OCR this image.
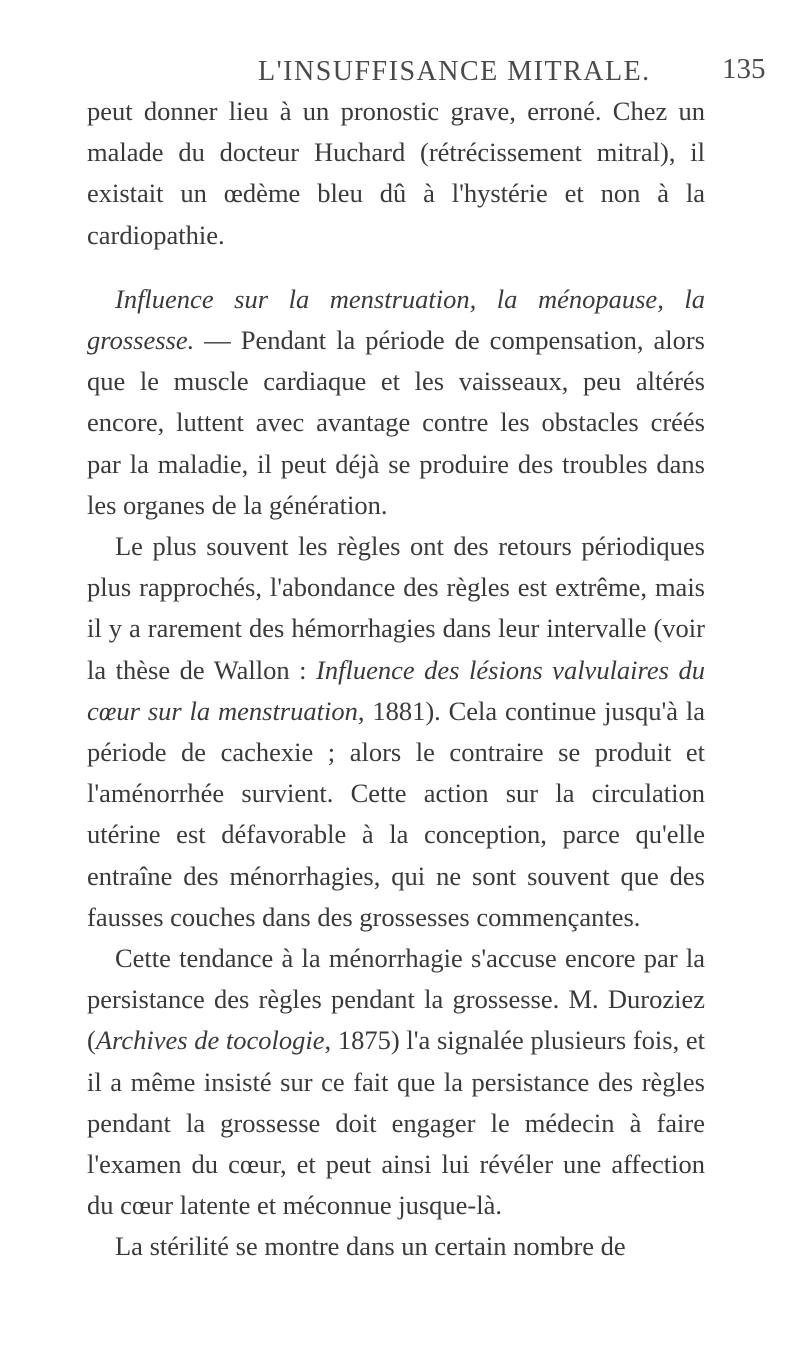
L'INSUFFISANCE MITRALE. 135

peut donner lieu à un pronostic grave, erroné. Chez un malade du docteur Huchard (rétrécissement mitral), il existait un œdème bleu dû à l'hystérie et non à la cardiopathie.

Influence sur la menstruation, la ménopause, la grossesse. — Pendant la période de compensation, alors que le muscle cardiaque et les vaisseaux, peu altérés encore, luttent avec avantage contre les obstacles créés par la maladie, il peut déjà se produire des troubles dans les organes de la génération.

Le plus souvent les règles ont des retours périodiques plus rapprochés, l'abondance des règles est extrême, mais il y a rarement des hémorrhagies dans leur intervalle (voir la thèse de Wallon : Influence des lésions valvulaires du cœur sur la menstruation, 1881). Cela continue jusqu'à la période de cachexie ; alors le contraire se produit et l'aménorrhée survient. Cette action sur la circulation utérine est défavorable à la conception, parce qu'elle entraîne des ménorrhagies, qui ne sont souvent que des fausses couches dans des grossesses commençantes.

Cette tendance à la ménorrhagie s'accuse encore par la persistance des règles pendant la grossesse. M. Duroziez (Archives de tocologie, 1875) l'a signalée plusieurs fois, et il a même insisté sur ce fait que la persistance des règles pendant la grossesse doit engager le médecin à faire l'examen du cœur, et peut ainsi lui révéler une affection du cœur latente et méconnue jusque-là.

La stérilité se montre dans un certain nombre de
